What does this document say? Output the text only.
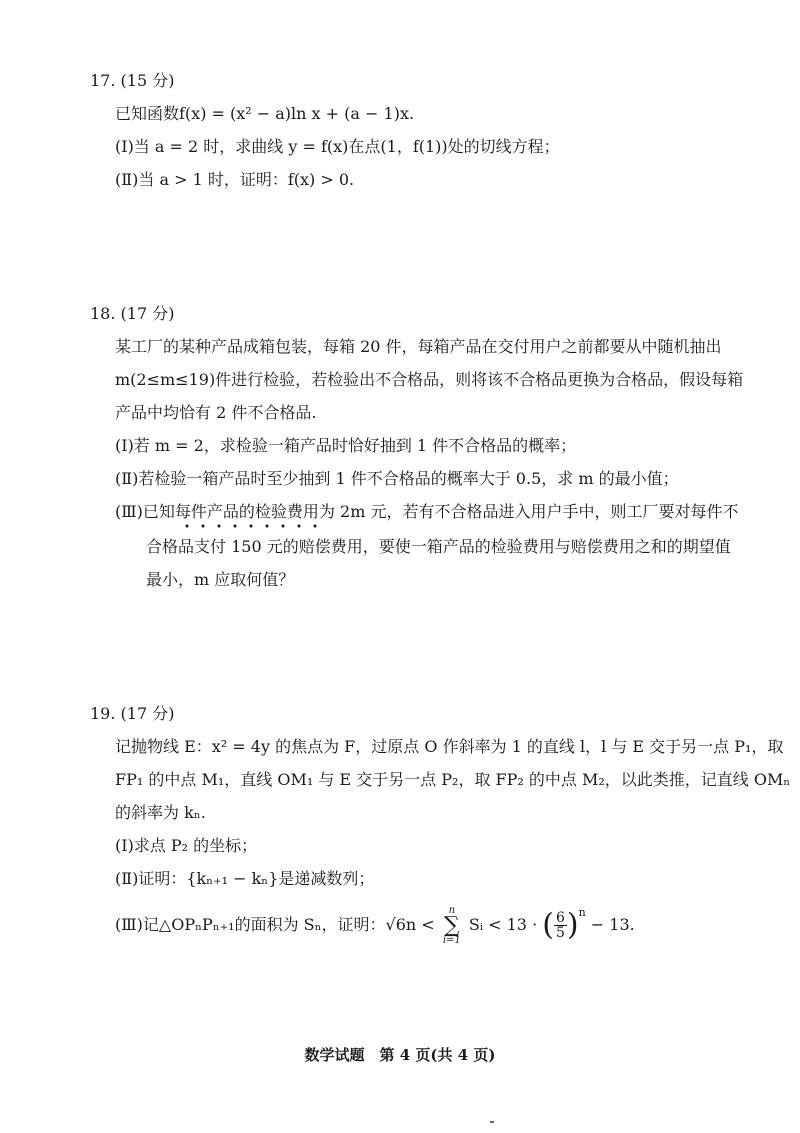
17. (15 分)
已知函数f(x) = (x² − a)ln x + (a − 1)x.
(Ⅰ)当 a = 2 时，求曲线 y = f(x)在点(1，f(1))处的切线方程；
(Ⅱ)当 a > 1 时，证明：f(x) > 0.
18. (17 分)
某工厂的某种产品成箱包装，每箱 20 件，每箱产品在交付用户之前都要从中随机抽出
m(2≤m≤19)件进行检验，若检验出不合格品，则将该不合格品更换为合格品，假设每箱
产品中均恰有 2 件不合格品.
(Ⅰ)若 m = 2，求检验一箱产品时恰好抽到 1 件不合格品的概率；
(Ⅱ)若检验一箱产品时至少抽到 1 件不合格品的概率大于 0.5，求 m 的最小值；
(Ⅲ)已知每件产品的检验费用为 2m 元，若有不合格品进入用户手中，则工厂要对每件不
合格品支付 150 元的赔偿费用，要使一箱产品的检验费用与赔偿费用之和的期望值
最小，m 应取何值？
19. (17 分)
记抛物线 E：x² = 4y 的焦点为 F，过原点 O 作斜率为 1 的直线 l，l 与 E 交于另一点 P₁，取
FP₁ 的中点 M₁，直线 OM₁ 与 E 交于另一点 P₂，取 FP₂ 的中点 M₂，以此类推，记直线 OMₙ
的斜率为 kₙ.
(Ⅰ)求点 P₂ 的坐标；
(Ⅱ)证明：{kₙ₊₁ − kₙ}是递减数列；
(Ⅲ)记△OPₙPₙ₊₁的面积为 Sₙ，证明：√6n <
n
∑
i=1
Sᵢ < 13 · ( $\frac{6}{5} )^n - 13$.
数学试题　第 4 页(共 4 页)
